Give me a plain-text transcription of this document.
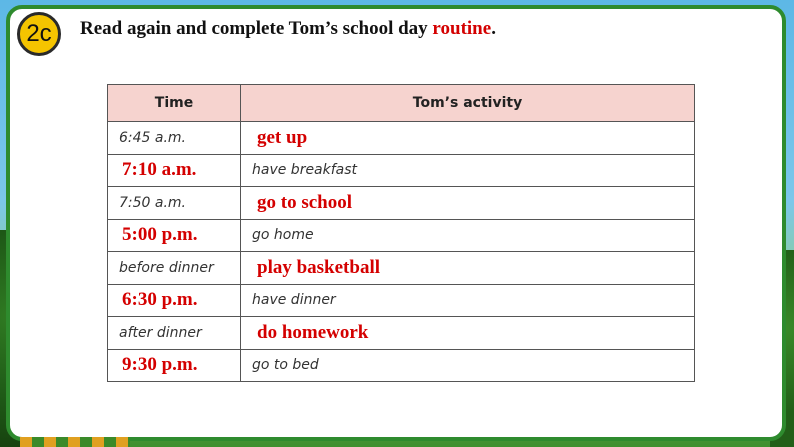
2c	Read again and complete Tom’s school day routine.
Time	Tom’s activity
6:45 a.m.	get up
7:10 a.m.	have breakfast
7:50 a.m.	go to school
5:00 p.m.	go home
before dinner	play basketball
6:30 p.m.	have dinner
after dinner	do homework
9:30 p.m.	go to bed
